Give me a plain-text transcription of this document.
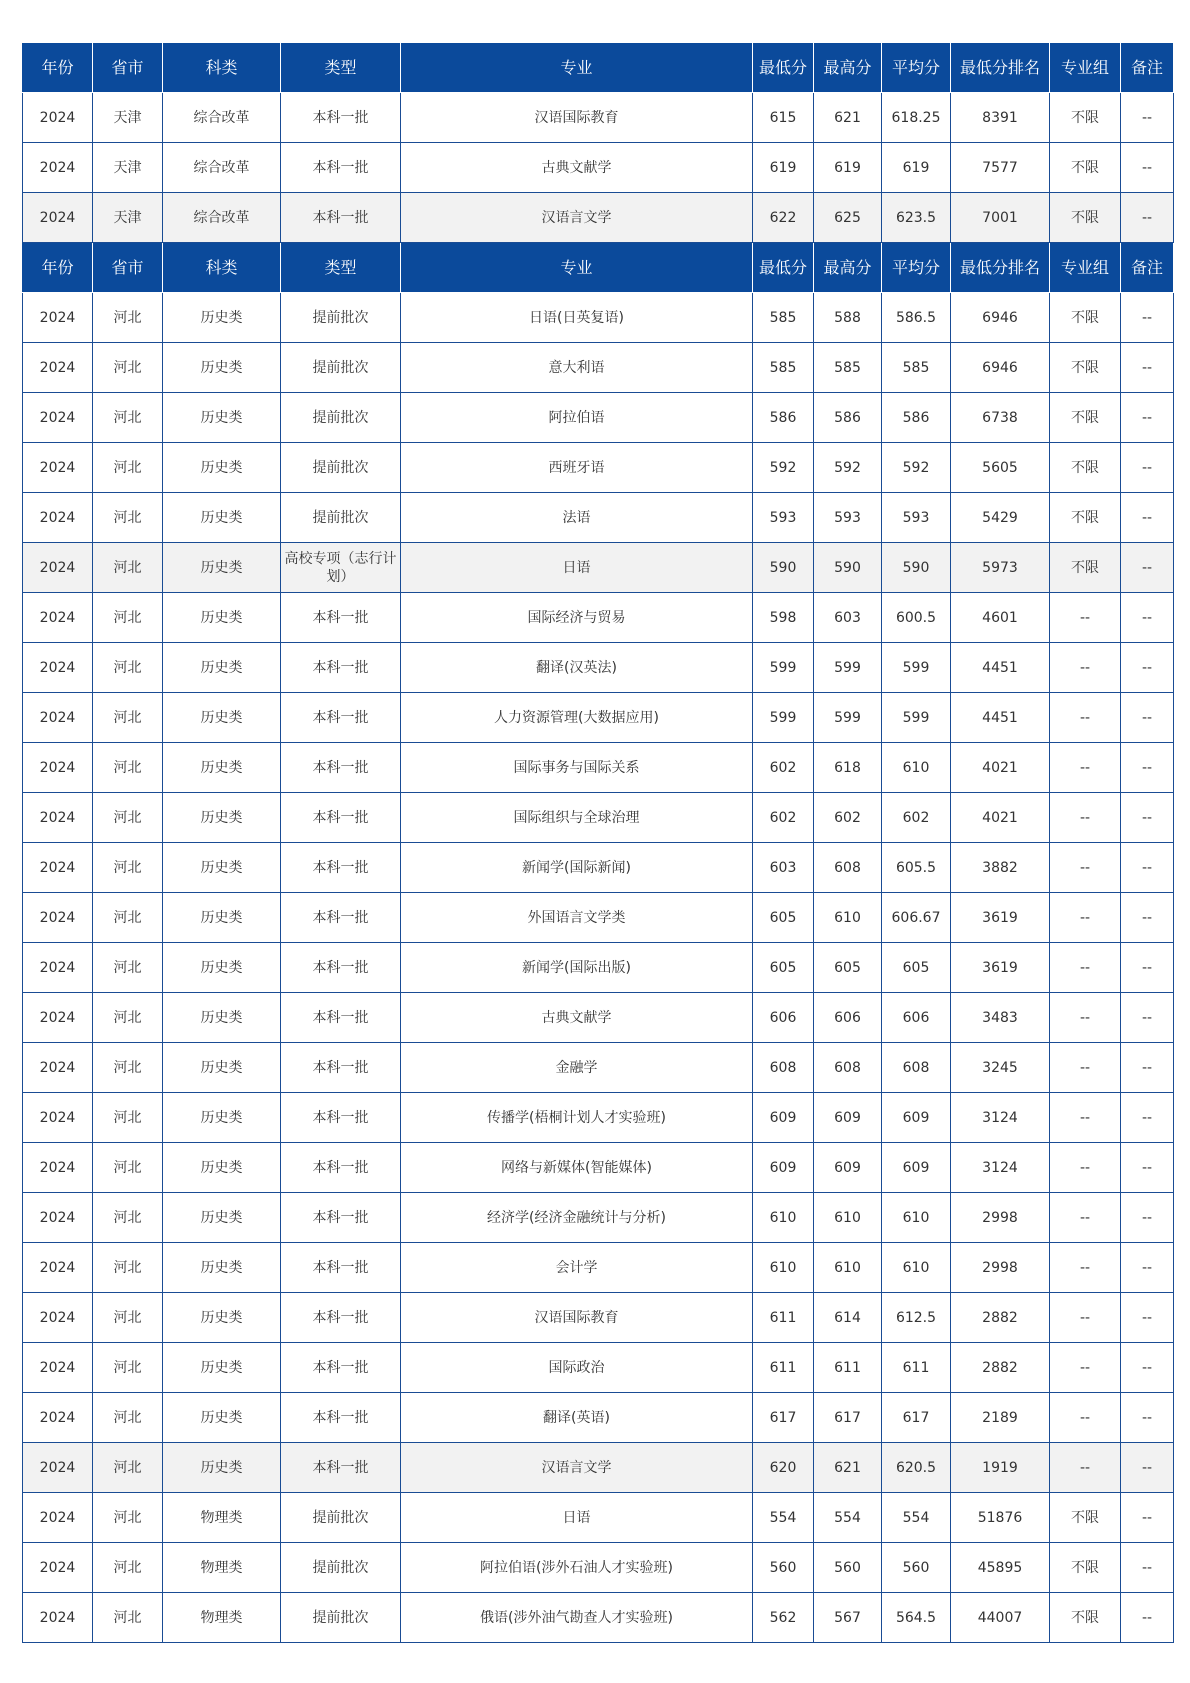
年份	省市	科类	类型	专业	最低分	最高分	平均分	最低分排名	专业组	备注
2024	天津	综合改革	本科一批	汉语国际教育	615	621	618.25	8391	不限	--
2024	天津	综合改革	本科一批	古典文献学	619	619	619	7577	不限	--
2024	天津	综合改革	本科一批	汉语言文学	622	625	623.5	7001	不限	--
年份	省市	科类	类型	专业	最低分	最高分	平均分	最低分排名	专业组	备注
2024	河北	历史类	提前批次	日语(日英复语)	585	588	586.5	6946	不限	--
2024	河北	历史类	提前批次	意大利语	585	585	585	6946	不限	--
2024	河北	历史类	提前批次	阿拉伯语	586	586	586	6738	不限	--
2024	河北	历史类	提前批次	西班牙语	592	592	592	5605	不限	--
2024	河北	历史类	提前批次	法语	593	593	593	5429	不限	--
2024	河北	历史类	高校专项（志行计划）	日语	590	590	590	5973	不限	--
2024	河北	历史类	本科一批	国际经济与贸易	598	603	600.5	4601	--	--
2024	河北	历史类	本科一批	翻译(汉英法)	599	599	599	4451	--	--
2024	河北	历史类	本科一批	人力资源管理(大数据应用)	599	599	599	4451	--	--
2024	河北	历史类	本科一批	国际事务与国际关系	602	618	610	4021	--	--
2024	河北	历史类	本科一批	国际组织与全球治理	602	602	602	4021	--	--
2024	河北	历史类	本科一批	新闻学(国际新闻)	603	608	605.5	3882	--	--
2024	河北	历史类	本科一批	外国语言文学类	605	610	606.67	3619	--	--
2024	河北	历史类	本科一批	新闻学(国际出版)	605	605	605	3619	--	--
2024	河北	历史类	本科一批	古典文献学	606	606	606	3483	--	--
2024	河北	历史类	本科一批	金融学	608	608	608	3245	--	--
2024	河北	历史类	本科一批	传播学(梧桐计划人才实验班)	609	609	609	3124	--	--
2024	河北	历史类	本科一批	网络与新媒体(智能媒体)	609	609	609	3124	--	--
2024	河北	历史类	本科一批	经济学(经济金融统计与分析)	610	610	610	2998	--	--
2024	河北	历史类	本科一批	会计学	610	610	610	2998	--	--
2024	河北	历史类	本科一批	汉语国际教育	611	614	612.5	2882	--	--
2024	河北	历史类	本科一批	国际政治	611	611	611	2882	--	--
2024	河北	历史类	本科一批	翻译(英语)	617	617	617	2189	--	--
2024	河北	历史类	本科一批	汉语言文学	620	621	620.5	1919	--	--
2024	河北	物理类	提前批次	日语	554	554	554	51876	不限	--
2024	河北	物理类	提前批次	阿拉伯语(涉外石油人才实验班)	560	560	560	45895	不限	--
2024	河北	物理类	提前批次	俄语(涉外油气勘查人才实验班)	562	567	564.5	44007	不限	--
